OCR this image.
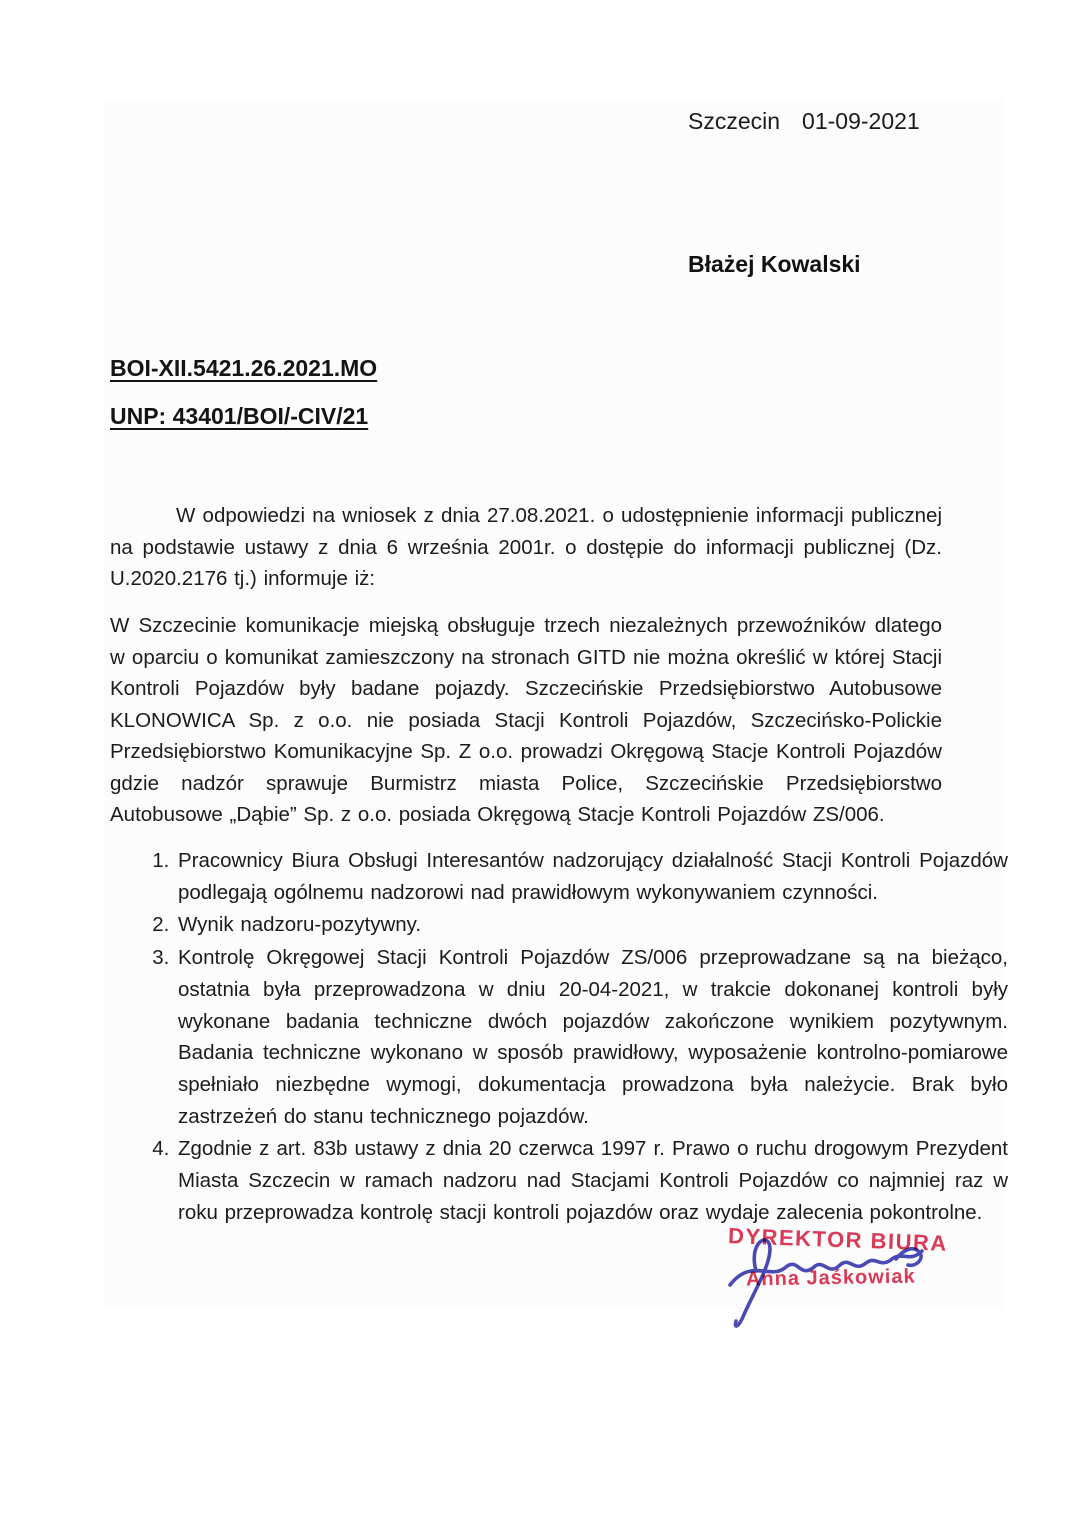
Szczecin 01-09-2021
Błażej Kowalski
BOI-XII.5421.26.2021.MO
UNP: 43401/BOI/-CIV/21
W odpowiedzi na wniosek z dnia 27.08.2021. o udostępnienie informacji publicznej na podstawie ustawy z dnia 6 września 2001r. o dostępie do informacji publicznej (Dz. U.2020.2176 tj.) informuje iż:
W Szczecinie komunikacje miejską obsługuje trzech niezależnych przewoźników dlatego w oparciu o komunikat zamieszczony na stronach GITD nie można określić w której Stacji Kontroli Pojazdów były badane pojazdy. Szczecińskie Przedsiębiorstwo Autobusowe KLONOWICA Sp. z o.o. nie posiada Stacji Kontroli Pojazdów, Szczecińsko-Polickie Przedsiębiorstwo Komunikacyjne Sp. Z o.o. prowadzi Okręgową Stacje Kontroli Pojazdów gdzie nadzór sprawuje Burmistrz miasta Police, Szczecińskie Przedsiębiorstwo Autobusowe „Dąbie” Sp. z o.o. posiada Okręgową Stacje Kontroli Pojazdów ZS/006.
1. Pracownicy Biura Obsługi Interesantów nadzorujący działalność Stacji Kontroli Pojazdów podlegają ogólnemu nadzorowi nad prawidłowym wykonywaniem czynności.
2. Wynik nadzoru-pozytywny.
3. Kontrolę Okręgowej Stacji Kontroli Pojazdów ZS/006 przeprowadzane są na bieżąco, ostatnia była przeprowadzona w dniu 20-04-2021, w trakcie dokonanej kontroli były wykonane badania techniczne dwóch pojazdów zakończone wynikiem pozytywnym. Badania techniczne wykonano w sposób prawidłowy, wyposażenie kontrolno-pomiarowe spełniało niezbędne wymogi, dokumentacja prowadzona była należycie. Brak było zastrzeżeń do stanu technicznego pojazdów.
4. Zgodnie z art. 83b ustawy z dnia 20 czerwca 1997 r. Prawo o ruchu drogowym Prezydent Miasta Szczecin w ramach nadzoru nad Stacjami Kontroli Pojazdów co najmniej raz w roku przeprowadza kontrolę stacji kontroli pojazdów oraz wydaje zalecenia pokontrolne.
DYREKTOR BIURA
Anna Jaśkowiak
